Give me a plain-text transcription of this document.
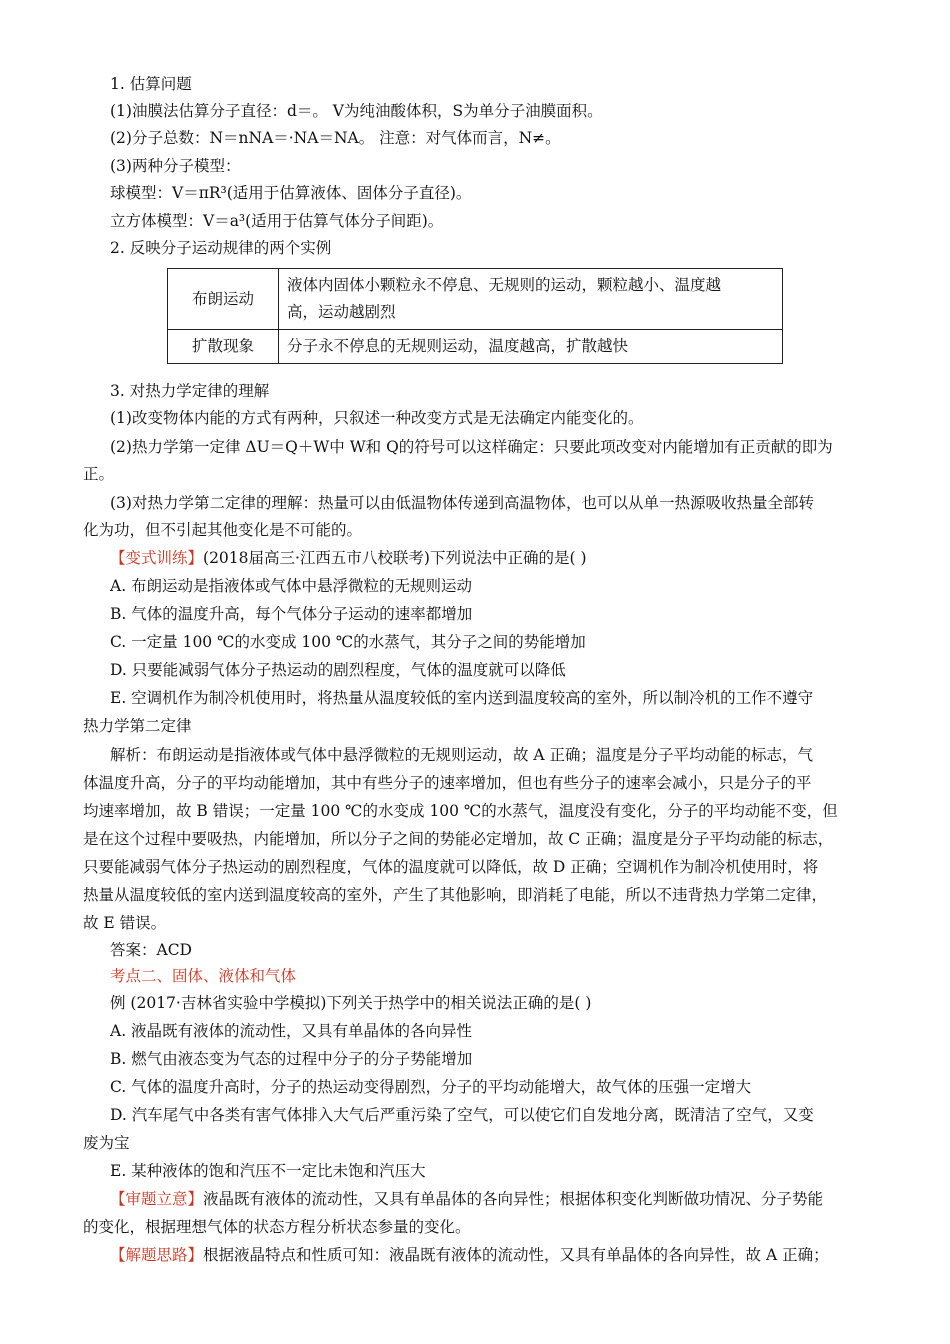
1. 估算问题
(1)油膜法估算分子直径：d＝。 V为纯油酸体积，S为单分子油膜面积。
(2)分子总数：N＝nNA＝·NA＝NA。 注意：对气体而言，N≠。
(3)两种分子模型：
球模型：V＝πR³(适用于估算液体、固体分子直径)。
立方体模型：V＝a³(适用于估算气体分子间距)。
2. 反映分子运动规律的两个实例
布朗运动	液体内固体小颗粒永不停息、无规则的运动，颗粒越小、温度越
高，运动越剧烈

扩散现象	分子永不停息的无规则运动，温度越高，扩散越快
3. 对热力学定律的理解
(1)改变物体内能的方式有两种，只叙述一种改变方式是无法确定内能变化的。
(2)热力学第一定律 ΔU＝Q＋W中 W和 Q的符号可以这样确定：只要此项改变对内能增加有正贡献的即为
正。
(3)对热力学第二定律的理解：热量可以由低温物体传递到高温物体，也可以从单一热源吸收热量全部转
化为功，但不引起其他变化是不可能的。
【变式训练】(2018届高三·江西五市八校联考)下列说法中正确的是( )
A. 布朗运动是指液体或气体中悬浮微粒的无规则运动
B. 气体的温度升高，每个气体分子运动的速率都增加
C. 一定量 100 ℃的水变成 100 ℃的水蒸气，其分子之间的势能增加
D. 只要能减弱气体分子热运动的剧烈程度，气体的温度就可以降低
E. 空调机作为制冷机使用时，将热量从温度较低的室内送到温度较高的室外，所以制冷机的工作不遵守
热力学第二定律
解析：布朗运动是指液体或气体中悬浮微粒的无规则运动，故 A 正确；温度是分子平均动能的标志，气
体温度升高，分子的平均动能增加，其中有些分子的速率增加，但也有些分子的速率会减小，只是分子的平
均速率增加，故 B 错误；一定量 100 ℃的水变成 100 ℃的水蒸气，温度没有变化，分子的平均动能不变，但
是在这个过程中要吸热，内能增加，所以分子之间的势能必定增加，故 C 正确；温度是分子平均动能的标志，
只要能减弱气体分子热运动的剧烈程度，气体的温度就可以降低，故 D 正确；空调机作为制冷机使用时，将
热量从温度较低的室内送到温度较高的室外，产生了其他影响，即消耗了电能，所以不违背热力学第二定律，
故 E 错误。
答案：ACD
考点二、固体、液体和气体
例 (2017·吉林省实验中学模拟)下列关于热学中的相关说法正确的是( )
A. 液晶既有液体的流动性，又具有单晶体的各向异性
B. 燃气由液态变为气态的过程中分子的分子势能增加
C. 气体的温度升高时，分子的热运动变得剧烈，分子的平均动能增大，故气体的压强一定增大
D. 汽车尾气中各类有害气体排入大气后严重污染了空气，可以使它们自发地分离，既清洁了空气，又变
废为宝
E. 某种液体的饱和汽压不一定比未饱和汽压大
【审题立意】液晶既有液体的流动性，又具有单晶体的各向异性；根据体积变化判断做功情况、分子势能
的变化，根据理想气体的状态方程分析状态参量的变化。
【解题思路】根据液晶特点和性质可知：液晶既有液体的流动性，又具有单晶体的各向异性，故 A 正确；
